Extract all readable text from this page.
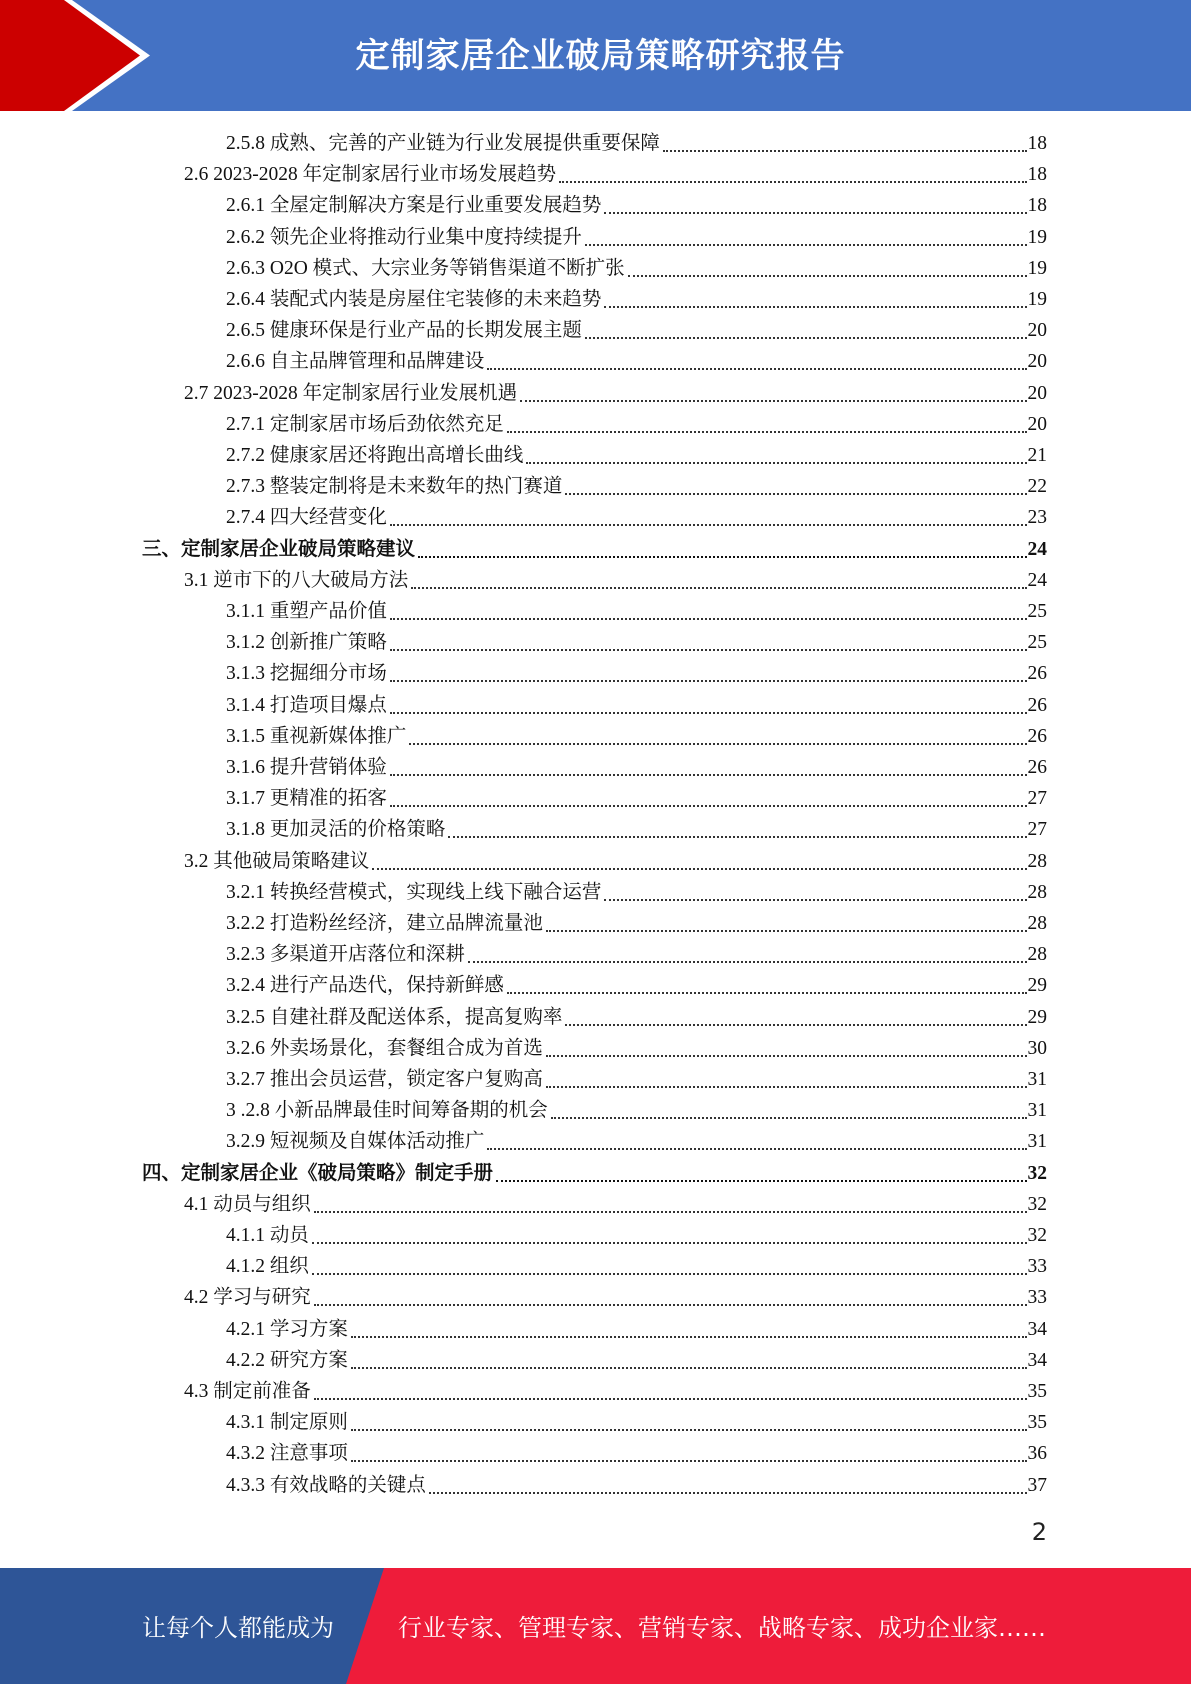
定制家居企业破局策略研究报告
2.5.8 成熟、完善的产业链为行业发展提供重要保障	18
2.6 2023-2028 年定制家居行业市场发展趋势	18
2.6.1 全屋定制解决方案是行业重要发展趋势	18
2.6.2 领先企业将推动行业集中度持续提升	19
2.6.3 O2O 模式、大宗业务等销售渠道不断扩张	19
2.6.4 装配式内装是房屋住宅装修的未来趋势	19
2.6.5 健康环保是行业产品的长期发展主题	20
2.6.6 自主品牌管理和品牌建设	20
2.7 2023-2028 年定制家居行业发展机遇	20
2.7.1 定制家居市场后劲依然充足	20
2.7.2 健康家居还将跑出高增长曲线	21
2.7.3 整装定制将是未来数年的热门赛道	22
2.7.4 四大经营变化	23
三、定制家居企业破局策略建议	24
3.1 逆市下的八大破局方法	24
3.1.1 重塑产品价值	25
3.1.2 创新推广策略	25
3.1.3 挖掘细分市场	26
3.1.4 打造项目爆点	26
3.1.5 重视新媒体推广	26
3.1.6 提升营销体验	26
3.1.7 更精准的拓客	27
3.1.8 更加灵活的价格策略	27
3.2 其他破局策略建议	28
3.2.1 转换经营模式，实现线上线下融合运营	28
3.2.2 打造粉丝经济，建立品牌流量池	28
3.2.3 多渠道开店落位和深耕	28
3.2.4 进行产品迭代，保持新鲜感	29
3.2.5 自建社群及配送体系，提高复购率	29
3.2.6 外卖场景化，套餐组合成为首选	30
3.2.7 推出会员运营，锁定客户复购高	31
3 .2.8 小新品牌最佳时间筹备期的机会	31
3.2.9 短视频及自媒体活动推广	31
四、定制家居企业《破局策略》制定手册	32
4.1 动员与组织	32
4.1.1 动员	32
4.1.2 组织	33
4.2 学习与研究	33
4.2.1 学习方案	34
4.2.2 研究方案	34
4.3 制定前准备	35
4.3.1 制定原则	35
4.3.2 注意事项	36
4.3.3 有效战略的关键点	37
2
让每个人都能成为	行业专家、管理专家、营销专家、战略专家、成功企业家……
